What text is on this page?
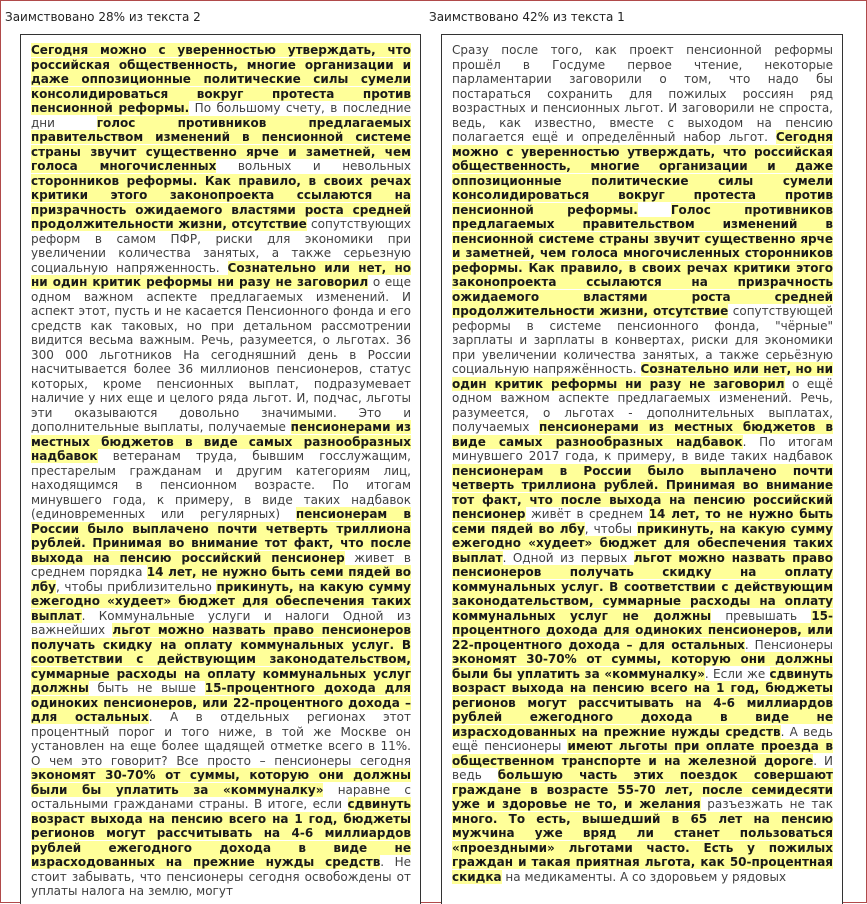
Заимствовано 28% из текста 2	Заимствовано 42% из текста 1
Сегодня можно с уверенностью утверждать, что российская общественность, многие организации и даже оппозиционные политические силы сумели консолидироваться вокруг протеста против пенсионной реформы. По большому счету, в последние дни голос противников предлагаемых правительством изменений в пенсионной системе страны звучит существенно ярче и заметней, чем голоса многочисленных вольных и невольных сторонников реформы. Как правило, в своих речах критики этого законопроекта ссылаются на призрачность ожидаемого властями роста средней продолжительности жизни, отсутствие сопутствующих реформ в самом ПФР, риски для экономики при увеличении количества занятых, а также серьезную социальную напряженность. Сознательно или нет, но ни один критик реформы ни разу не заговорил о еще одном важном аспекте предлагаемых изменений. И аспект этот, пусть и не касается Пенсионного фонда и его средств как таковых, но при детальном рассмотрении видится весьма важным. Речь, разумеется, о льготах. 36 300 000 льготников На сегодняшний день в России насчитывается более 36 миллионов пенсионеров, статус которых, кроме пенсионных выплат, подразумевает наличие у них еще и целого ряда льгот. И, подчас, льготы эти оказываются довольно значимыми. Это и дополнительные выплаты, получаемые пенсионерами из местных бюджетов в виде самых разнообразных надбавок ветеранам труда, бывшим госслужащим, престарелым гражданам и другим категориям лиц, находящимся в пенсионном возрасте. По итогам минувшего года, к примеру, в виде таких надбавок (единовременных или регулярных) пенсионерам в России было выплачено почти четверть триллиона рублей. Принимая во внимание тот факт, что после выхода на пенсию российский пенсионер живет в среднем порядка 14 лет, не нужно быть семи пядей во лбу, чтобы приблизительно прикинуть, на какую сумму ежегодно «худеет» бюджет для обеспечения таких выплат. Коммунальные услуги и налоги Одной из важнейших льгот можно назвать право пенсионеров получать скидку на оплату коммунальных услуг. В соответствии с действующим законодательством, суммарные расходы на оплату коммунальных услуг должны быть не выше 15-процентного дохода для одиноких пенсионеров, или 22-процентного дохода – для остальных. А в отдельных регионах этот процентный порог и того ниже, в той же Москве он установлен на еще более щадящей отметке всего в 11%. О чем это говорит? Все просто – пенсионеры сегодня экономят 30-70% от суммы, которую они должны были бы уплатить за «коммуналку» наравне с остальными гражданами страны. В итоге, если сдвинуть возраст выхода на пенсию всего на 1 год, бюджеты регионов могут рассчитывать на 4-6 миллиардов рублей ежегодного дохода в виде не израсходованных на прежние нужды средств. Не стоит забывать, что пенсионеры сегодня освобождены от уплаты налога на землю, могут
Сразу после того, как проект пенсионной реформы прошёл в Госдуме первое чтение, некоторые парламентарии заговорили о том, что надо бы постараться сохранить для пожилых россиян ряд возрастных и пенсионных льгот. И заговорили не спроста, ведь, как известно, вместе с выходом на пенсию полагается ещё и определённый набор льгот. Сегодня можно с уверенностью утверждать, что российская общественность, многие организации и даже оппозиционные политические силы сумели консолидироваться вокруг протеста против пенсионной реформы.	Голос противников предлагаемых правительством изменений в пенсионной системе страны звучит существенно ярче и заметней, чем голоса многочисленных сторонников реформы. Как правило, в своих речах критики этого законопроекта ссылаются на призрачность ожидаемого властями роста средней продолжительности жизни, отсутствие сопутствующей реформы в системе пенсионного фонда, "чёрные" зарплаты и зарплаты в конвертах, риски для экономики при увеличении количества занятых, а также серьёзную социальную напряжённость. Сознательно или нет, но ни один критик реформы ни разу не заговорил о ещё одном важном аспекте предлагаемых изменений. Речь, разумеется, о льготах - дополнительных выплатах, получаемых пенсионерами из местных бюджетов в виде самых разнообразных надбавок. По итогам минувшего 2017 года, к примеру, в виде таких надбавок пенсионерам в России было выплачено почти четверть триллиона рублей. Принимая во внимание тот факт, что после выхода на пенсию российский пенсионер живёт в среднем 14 лет, то не нужно быть семи пядей во лбу, чтобы прикинуть, на какую сумму ежегодно «худеет» бюджет для обеспечения таких выплат. Одной из первых льгот можно назвать право пенсионеров получать скидку на оплату коммунальных услуг. В соответствии с действующим законодательством, суммарные расходы на оплату коммунальных услуг не должны превышать 15-процентного дохода для одиноких пенсионеров, или 22-процентного дохода – для остальных. Пенсионеры экономят 30-70% от суммы, которую они должны были бы уплатить за «коммуналку». Если же сдвинуть возраст выхода на пенсию всего на 1 год, бюджеты регионов могут рассчитывать на 4-6 миллиардов рублей ежегодного дохода в виде не израсходованных на прежние нужды средств. А ведь ещё пенсионеры имеют льготы при оплате проезда в общественном транспорте и на железной дороге. И ведь большую часть этих поездок совершают граждане в возрасте 55-70 лет, после семидесяти уже и здоровье не то, и желания разъезжать не так много. То есть, вышедший в 65 лет на пенсию мужчина уже вряд ли станет пользоваться «проездными» льготами часто. Есть у пожилых граждан и такая приятная льгота, как 50-процентная скидка на медикаменты. А со здоровьем у рядовых
